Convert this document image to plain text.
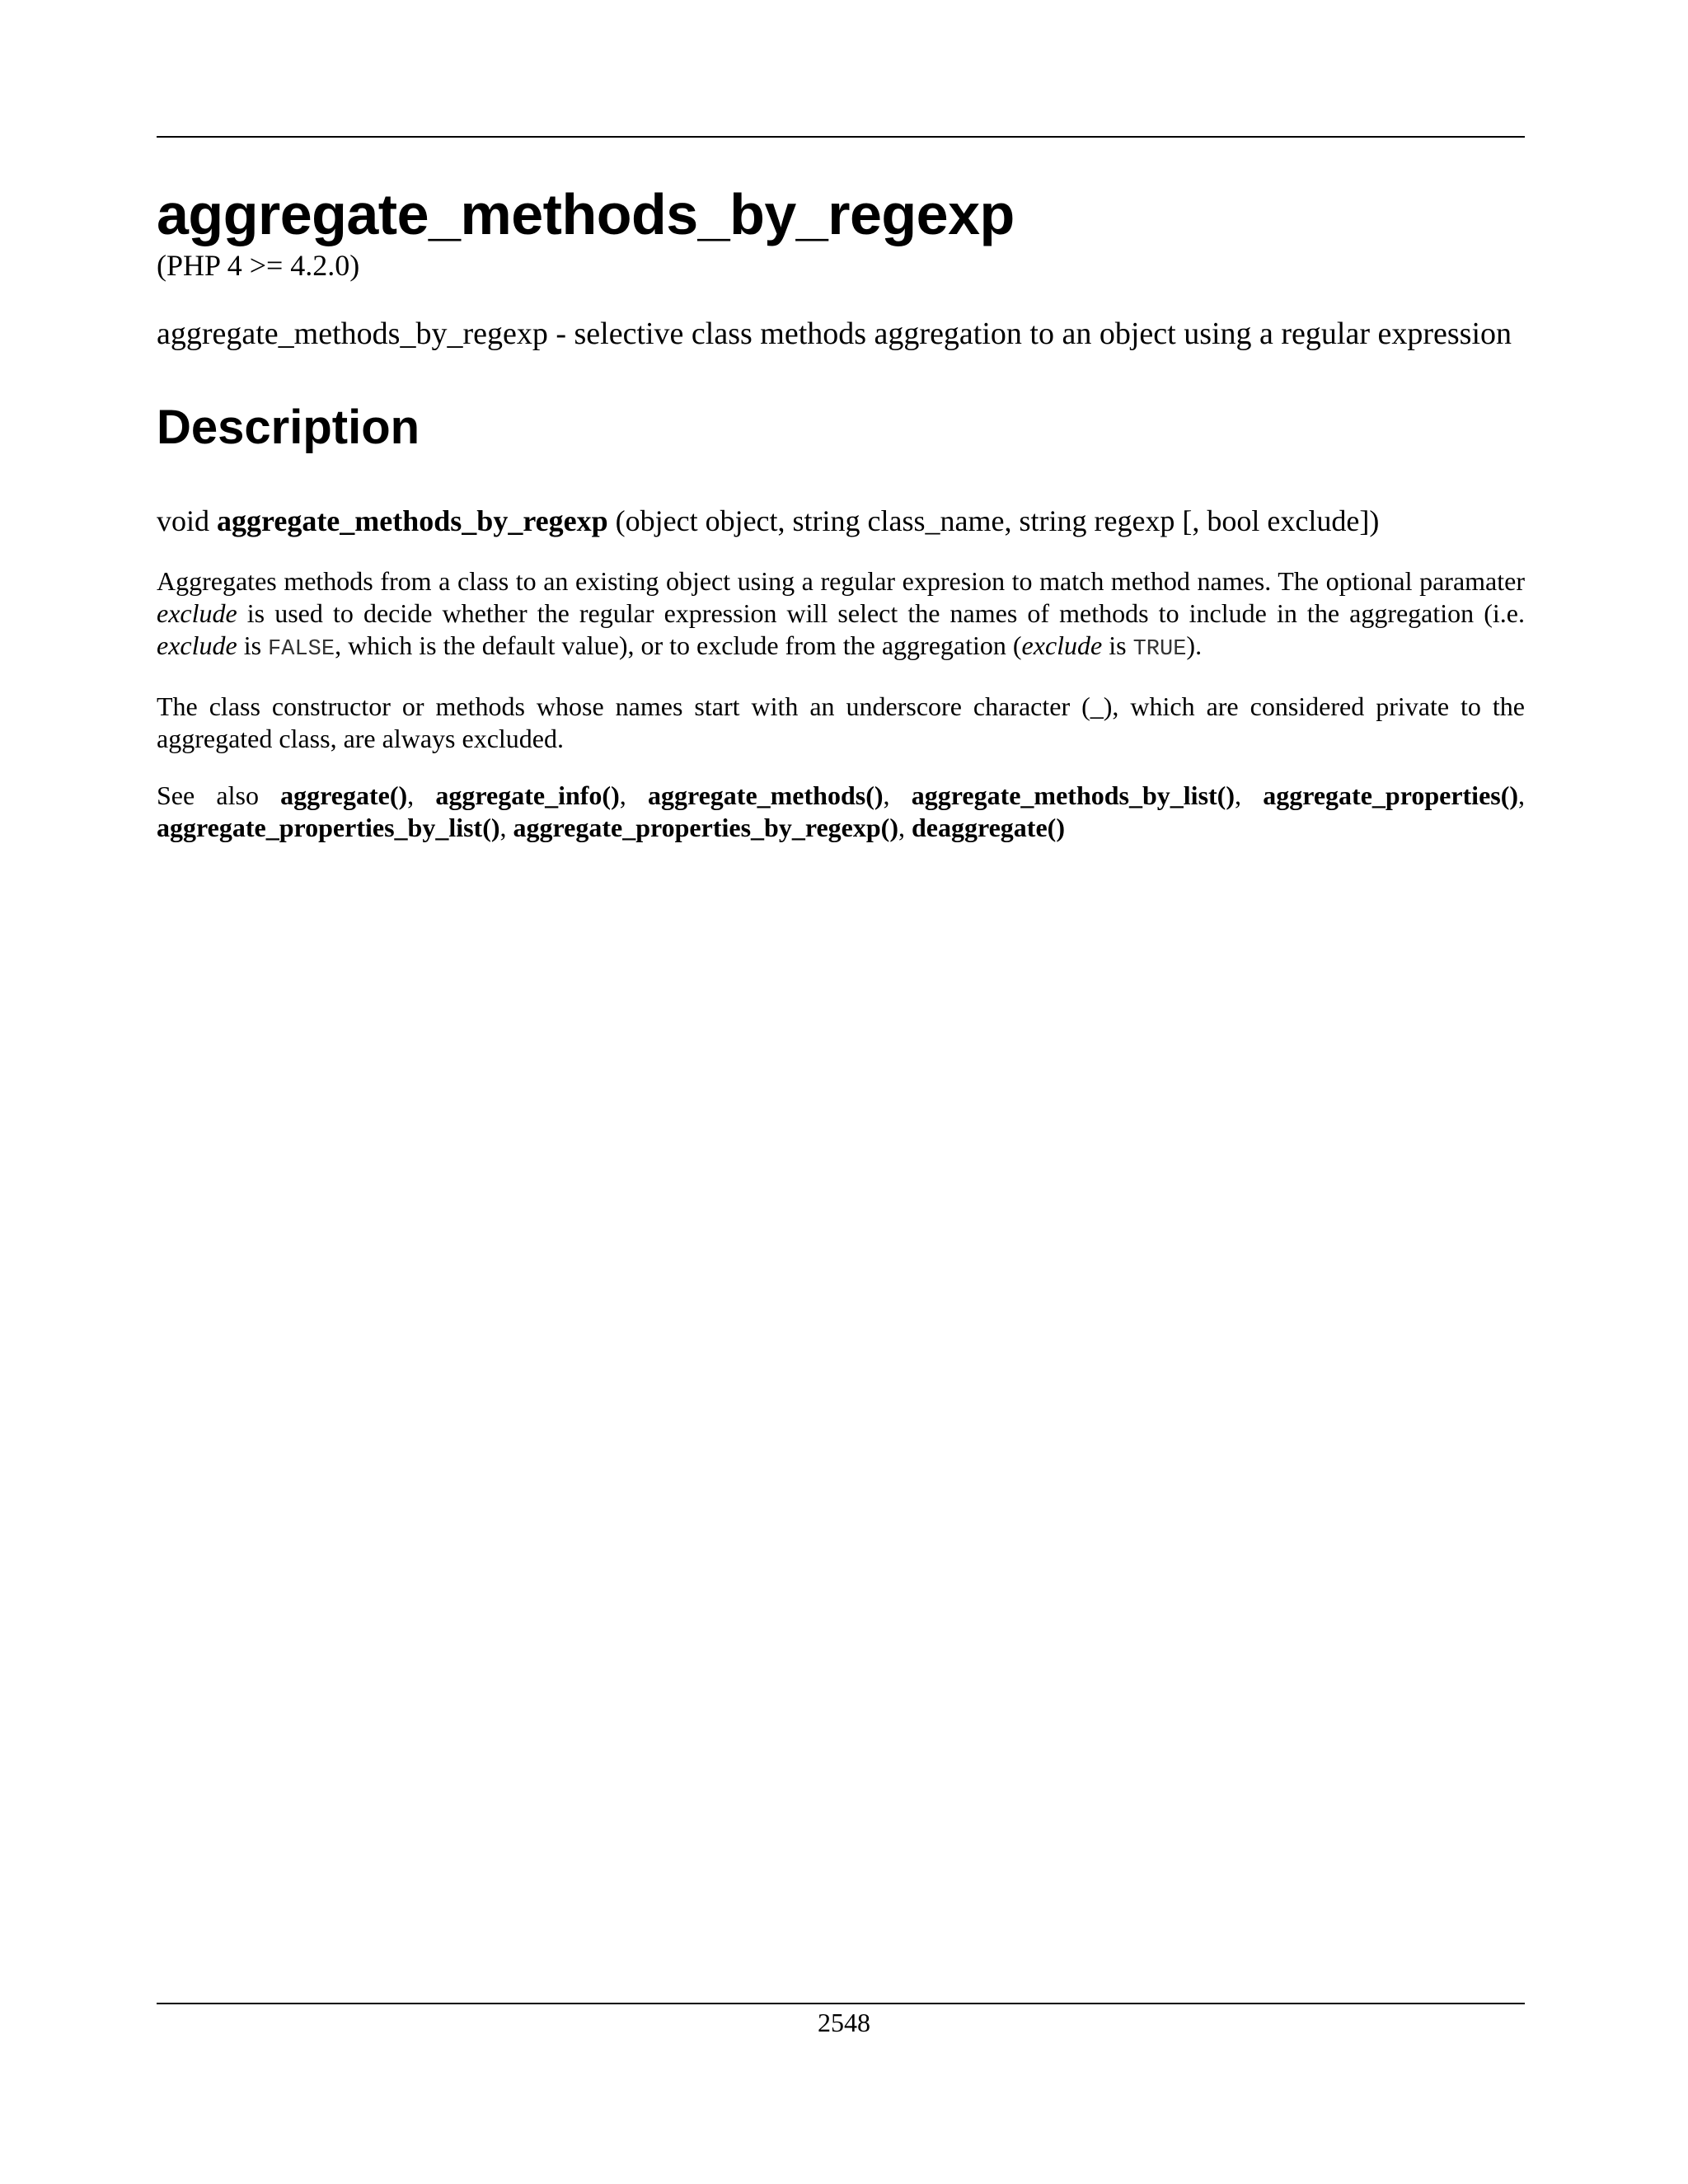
aggregate_methods_by_regexp
(PHP 4 >= 4.2.0)
aggregate_methods_by_regexp - selective class methods aggregation to an object using a regular expression
Description
void aggregate_methods_by_regexp (object object, string class_name, string regexp [, bool exclude])
Aggregates methods from a class to an existing object using a regular expresion to match method names. The optional paramater exclude is used to decide whether the regular expression will select the names of methods to include in the aggregation (i.e. exclude is FALSE, which is the default value), or to exclude from the aggregation (exclude is TRUE).
The class constructor or methods whose names start with an underscore character (_), which are considered private to the aggregated class, are always excluded.
See also aggregate(), aggregate_info(), aggregate_methods(), aggregate_methods_by_list(), aggregate_properties(), aggregate_properties_by_list(), aggregate_properties_by_regexp(), deaggregate()
2548
